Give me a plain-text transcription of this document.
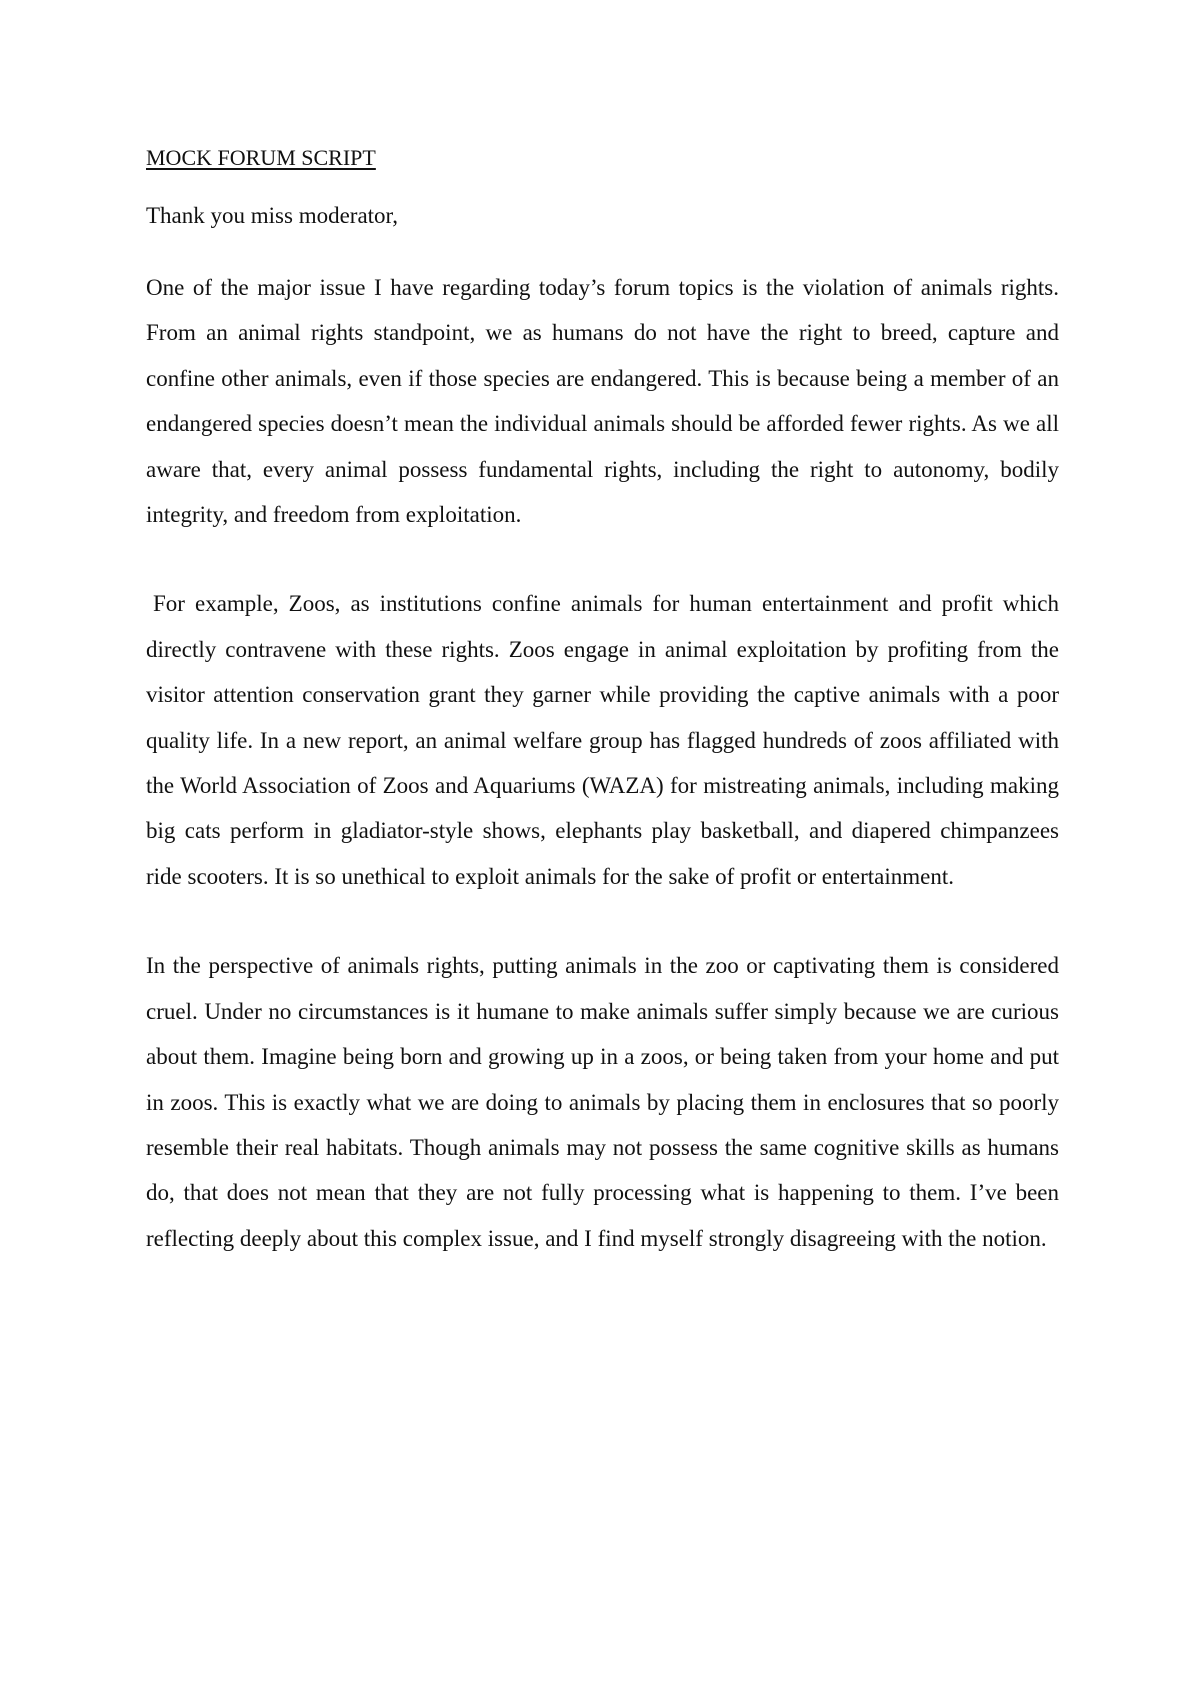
MOCK FORUM SCRIPT

Thank you miss moderator,

One of the major issue I have regarding today’s forum topics is the violation of animals rights. From an animal rights standpoint, we as humans do not have the right to breed, capture and confine other animals, even if those species are endangered. This is because being a member of an endangered species doesn’t mean the individual animals should be afforded fewer rights. As we all aware that, every animal possess fundamental rights, including the right to autonomy, bodily integrity, and freedom from exploitation.

For example, Zoos, as institutions confine animals for human entertainment and profit which directly contravene with these rights. Zoos engage in animal exploitation by profiting from the visitor attention conservation grant they garner while providing the captive animals with a poor quality life. In a new report, an animal welfare group has flagged hundreds of zoos affiliated with the World Association of Zoos and Aquariums (WAZA) for mistreating animals, including making big cats perform in gladiator-style shows, elephants play basketball, and diapered chimpanzees ride scooters. It is so unethical to exploit animals for the sake of profit or entertainment.

In the perspective of animals rights, putting animals in the zoo or captivating them is considered cruel. Under no circumstances is it humane to make animals suffer simply because we are curious about them. Imagine being born and growing up in a zoos, or being taken from your home and put in zoos. This is exactly what we are doing to animals by placing them in enclosures that so poorly resemble their real habitats. Though animals may not possess the same cognitive skills as humans do, that does not mean that they are not fully processing what is happening to them. I’ve been reflecting deeply about this complex issue, and I find myself strongly disagreeing with the notion.
